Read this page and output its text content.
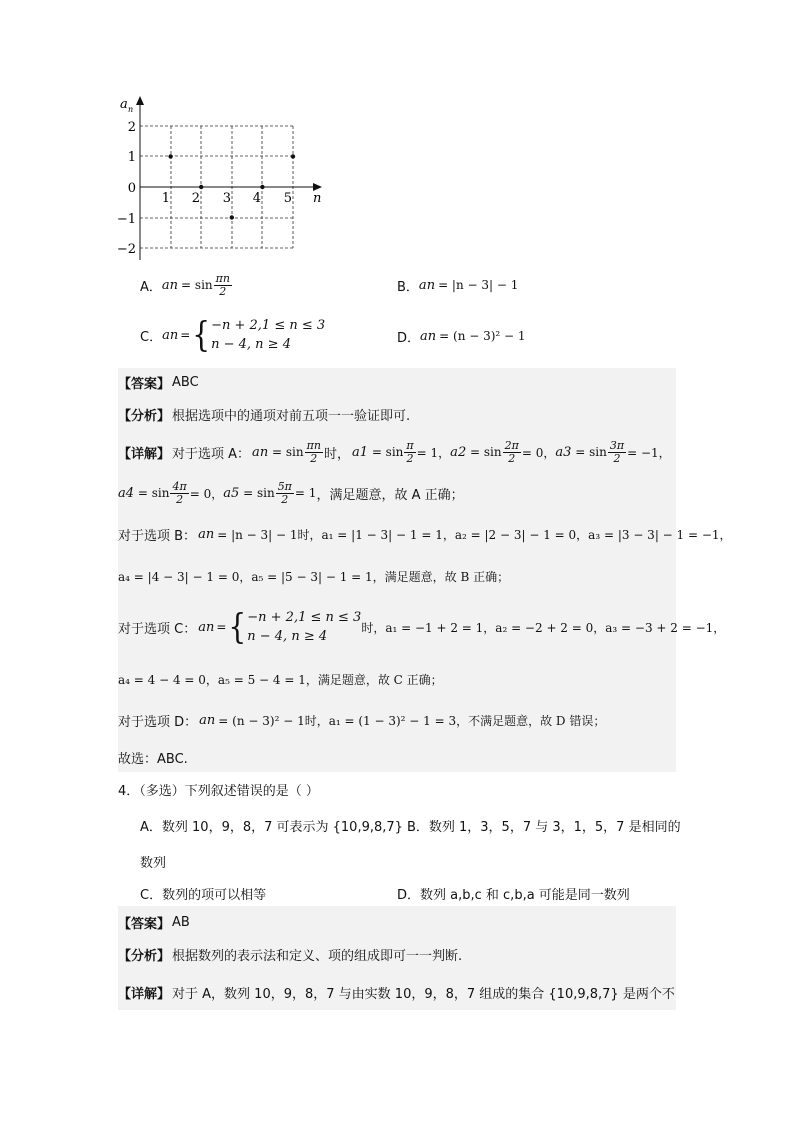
a n
n
2
1
0
−1
−2
1 2 3 4 5
A． a $n = \sin \frac{\pi n}{2}$	B． a n = |n − 3| − 1
C． a n = { −n + 2,1 ≤ n ≤ 3
n − 4, n ≥ 4	D． a n = (n − 3)² − 1
【答案】 ABC
【分析】 根据选项中的通项对前五项一一验证即可.
【详解】 对于选项 A： a $n = \sin \frac{\pi n}{2}$ 时， a $1 = \sin \frac{\pi}{2} = 1$， a $2 = \sin \frac{2\pi}{2} = 0$， a $3 = \sin \frac{3\pi}{2} = -1$，
a $4 = \sin \frac{4\pi}{2} = 0$， a $5 = \sin \frac{5\pi}{2} = 1$ ，满足题意，故 A 正确；
对于选项 B： a n = |n − 3| − 1时，a₁ = |1 − 3| − 1 = 1，a₂ = |2 − 3| − 1 = 0，a₃ = |3 − 3| − 1 = −1，
a₄ = |4 − 3| − 1 = 0，a₅ = |5 − 3| − 1 = 1，满足题意，故 B 正确；
对于选项 C： a n = { −n + 2,1 ≤ n ≤ 3
n − 4, n ≥ 4
时，a₁ = −1 + 2 = 1，a₂ = −2 + 2 = 0，a₃ = −3 + 2 = −1，
a₄ = 4 − 4 = 0，a₅ = 5 − 4 = 1，满足题意，故 C 正确；
对于选项 D： a n = (n − 3)² − 1时，a₁ = (1 − 3)² − 1 = 3，不满足题意，故 D 错误；
故选：ABC.
4．（多选）下列叙述错误的是（ ）
A．数列 10，9，8，7 可表示为 {10,9,8,7} B．数列 1，3，5，7 与 3，1，5，7 是相同的
数列
C．数列的项可以相等	D．数列 a,b,c 和 c,b,a 可能是同一数列
【答案】 AB
【分析】 根据数列的表示法和定义、项的组成即可一一判断.
【详解】 对于 A，数列 10，9，8，7 与由实数 10，9，8，7 组成的集合 {10,9,8,7} 是两个不
